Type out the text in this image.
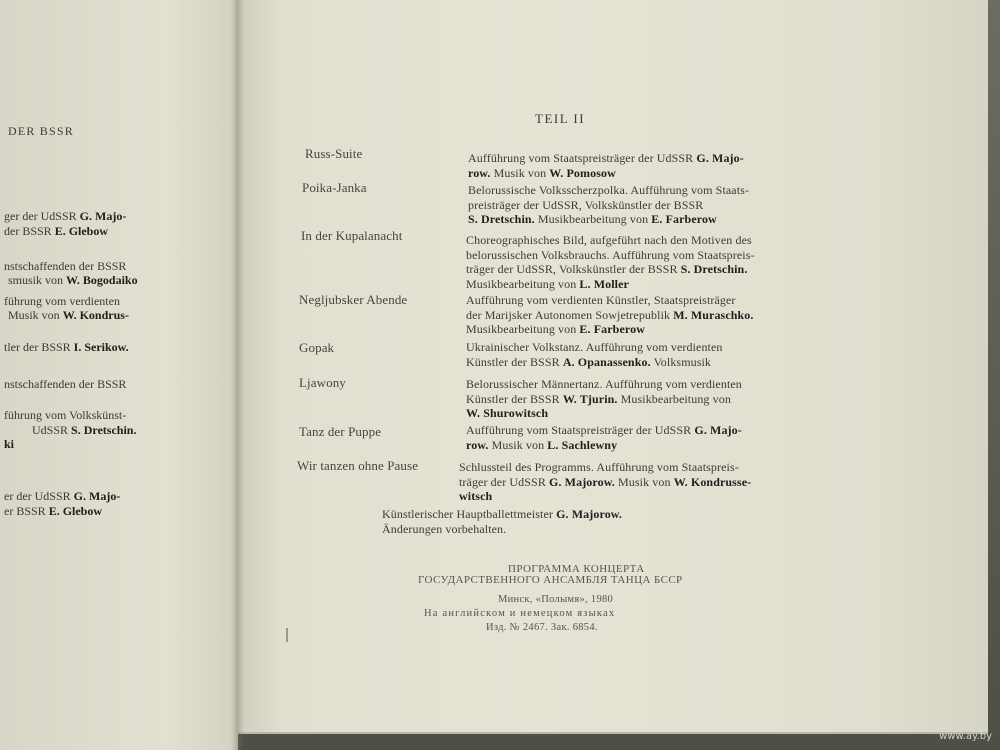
DER BSSR
ger der UdSSR G. Majo-
der BSSR E. Glebow
nstschaffenden der BSSR
smusik von W. Bogodaiko
führung vom verdienten
Musik von W. Kondrus-
tler der BSSR I. Serikow.
nstschaffenden der BSSR
führung vom Volkskünst-
UdSSR S. Dretschin.
ki
er der UdSSR G. Majo-
er BSSR E. Glebow
TEIL II
Russ-Suite	Aufführung vom Staatspreisträger der UdSSR G. Majo-
row. Musik von W. Pomosow
Poika-Janka	Belorussische Volksscherzpolka. Aufführung vom Staats-
preisträger der UdSSR, Volkskünstler der BSSR
S. Dretschin. Musikbearbeitung von E. Farberow
In der Kupalanacht	Choreographisches Bild, aufgeführt nach den Motiven des
belorussischen Volksbrauchs. Aufführung vom Staatspreis-
träger der UdSSR, Volkskünstler der BSSR S. Dretschin.
Musikbearbeitung von L. Moller
Negljubsker Abende	Aufführung vom verdienten Künstler, Staatspreisträger
der Marijsker Autonomen Sowjetrepublik M. Muraschko.
Musikbearbeitung von E. Farberow
Gopak	Ukrainischer Volkstanz. Aufführung vom verdienten
Künstler der BSSR A. Opanassenko. Volksmusik
Ljawony	Belorussischer Männertanz. Aufführung vom verdienten
Künstler der BSSR W. Tjurin. Musikbearbeitung von
W. Shurowitsch
Tanz der Puppe	Aufführung vom Staatspreisträger der UdSSR G. Majo-
row. Musik von L. Sachlewny
Wir tanzen ohne Pause	Schlussteil des Programms. Aufführung vom Staatspreis-
träger der UdSSR G. Majorow. Musik von W. Kondrusse-
witsch
Künstlerischer Hauptballettmeister G. Majorow.
Änderungen vorbehalten.
ПРОГРАММА КОНЦЕРТА
ГОСУДАРСТВЕННОГО АНСАМБЛЯ ТАНЦА БССР
Минск, «Полымя», 1980
На английском и немецком языках
Изд. № 2467. Зак. 6854.
www.ay.by
